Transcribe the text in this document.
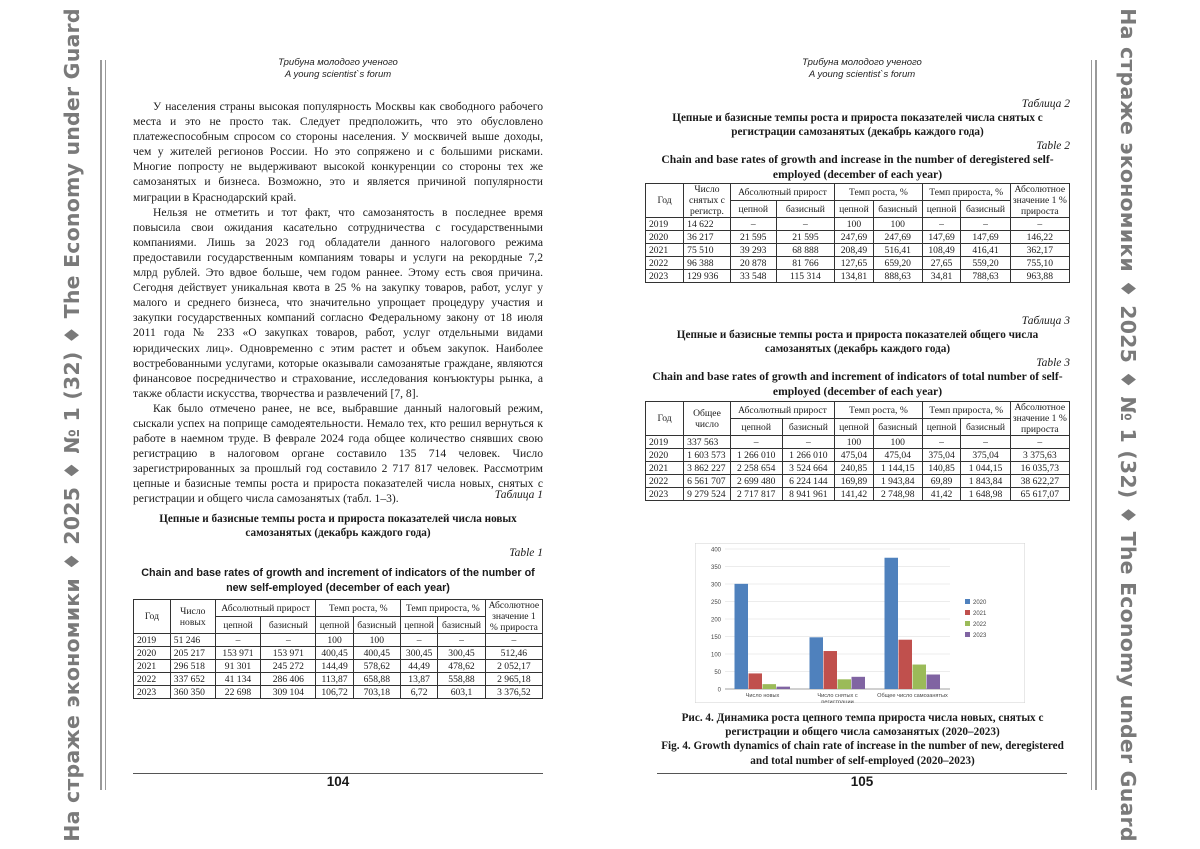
На страже экономики ♦ 2025 ♦ № 1 (32) ♦ The Economy under Guard	Трибуна молодого ученого
A young scientist`s forum

У населения страны высокая популярность Москвы как свободного рабочего места и это не просто так. Следует предположить, что это обусловлено платежеспособным спросом со стороны населения. У москвичей выше доходы, чем у жителей регионов России. Но это сопряжено и с большими рисками. Многие попросту не выдерживают высокой конкуренции со стороны тех же самозанятых и бизнеса. Возможно, это и является причиной популярности миграции в Краснодарский край.

Нельзя не отметить и тот факт, что самозанятость в последнее время повысила свои ожидания касательно сотрудничества с государственными компаниями. Лишь за 2023 год обладатели данного налогового режима предоставили государственным компаниям товары и услуги на рекордные 7,2 млрд рублей. Это вдвое больше, чем годом раннее. Этому есть своя причина. Сегодня действует уникальная квота в 25 % на закупку товаров, работ, услуг у малого и среднего бизнеса, что значительно упрощает процедуру участия и закупки государственных компаний согласно Федеральному закону от 18 июля 2011 года № 233 «О закупках товаров, работ, услуг отдельными видами юридических лиц». Одновременно с этим растет и объем закупок. Наиболее востребованными услугами, которые оказывали самозанятые граждане, являются финансовое посредничество и страхование, исследования конъюктуры рынка, а также области искусства, творчества и развлечений [7, 8].

Как было отмечено ранее, не все, выбравшие данный налоговый режим, сыскали успех на поприще самодеятельности. Немало тех, кто решил вернуться к работе в наемном труде. В феврале 2024 года общее количество снявших свою регистрацию в налоговом органе составило 135 714 человек. Число зарегистрированных за прошлый год составило 2 717 817 человек. Рассмотрим цепные и базисные темпы роста и прироста показателей числа новых, снятых с регистрации и общего числа самозанятых (табл. 1–3).	Таблица 1
Цепные и базисные темпы роста и прироста показателей числа новых самозанятых (декабрь каждого года)
Table 1
Chain and base rates of growth and increment of indicators of the number of new self-employed (december of each year)
Год	Число новых	Абсолютный прирост		Темп роста, %		Темп прироста, %		Абсолютное значение 1 % прироста
		цепной	базисный	цепной	базисный	цепной	базисный	
2019	51 246	–	–	100	100	–	–	–
2020	205 217	153 971	153 971	400,45	400,45	300,45	300,45	512,46
2021	296 518	91 301	245 272	144,49	578,62	44,49	478,62	2 052,17
2022	337 652	41 134	286 406	113,87	658,88	13,87	558,88	2 965,18
2023	360 350	22 698	309 104	106,72	703,18	6,72	603,1	3 376,52
104	На страже экономики ♦ 2025 ♦ № 1 (32) ♦ The Economy under Guard
Трибуна молодого ученого
A young scientist`s forum
Таблица 2
Цепные и базисные темпы роста и прироста показателей числа снятых с регистрации самозанятых (декабрь каждого года)
Table 2
Chain and base rates of growth and increase in the number of deregistered self-employed (december of each year)
Год	Число снятых с регистр.	Абсолютный прирост		Темп роста, %		Темп прироста, %		Абсолютное значение 1 % прироста
		цепной	базисный	цепной	базисный	цепной	базисный	
2019	14 622	–	–	100	100	–	–	–
2020	36 217	21 595	21 595	247,69	247,69	147,69	147,69	146,22
2021	75 510	39 293	68 888	208,49	516,41	108,49	416,41	362,17
2022	96 388	20 878	81 766	127,65	659,20	27,65	559,20	755,10
2023	129 936	33 548	115 314	134,81	888,63	34,81	788,63	963,88
Таблица 3
Цепные и базисные темпы роста и прироста показателей общего числа самозанятых (декабрь каждого года)
Table 3
Chain and base rates of growth and increment of indicators of total number of self-employed (december of each year)
Год	Общее число	Абсолютный прирост		Темп роста, %		Темп прироста, %		Абсолютное значение 1 % прироста
		цепной	базисный	цепной	базисный	цепной	базисный	
2019	337 563	–	–	100	100	–	–	–
2020	1 603 573	1 266 010	1 266 010	475,04	475,04	375,04	375,04	3 375,63
2021	3 862 227	2 258 654	3 524 664	240,85	1 144,15	140,85	1 044,15	16 035,73
2022	6 561 707	2 699 480	6 224 144	169,89	1 943,84	69,89	1 843,84	38 622,27
2023	9 279 524	2 717 817	8 941 961	141,42	2 748,98	41,42	1 648,98	65 617,07
0
50
100
150
200
250
300
350
400
Число новых	Число снятых с
регистрации
Общее число самозанятых
2020
2021
2022
2023
Рис. 4. Динамика роста цепного темпа прироста числа новых, снятых с регистрации и общего числа самозанятых (2020–2023)
Fig. 4. Growth dynamics of chain rate of increase in the number of new, deregistered and total number of self-employed (2020–2023)
105
